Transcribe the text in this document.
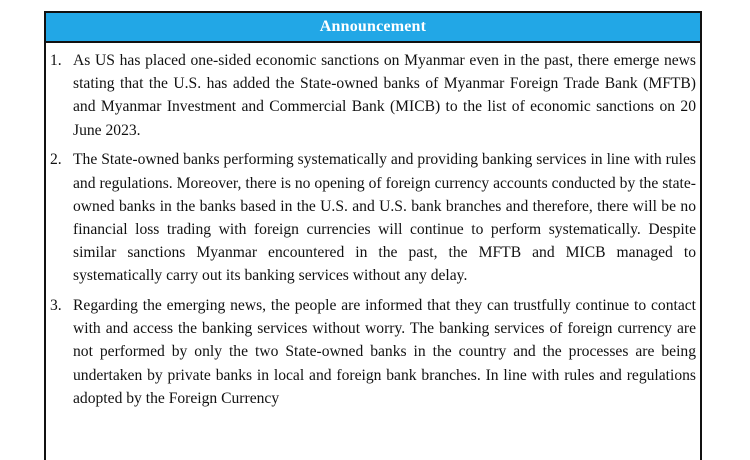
Announcement
1. As US has placed one-sided economic sanctions on Myanmar even in the past, there emerge news stating that the U.S. has added the State-owned banks of Myanmar Foreign Trade Bank (MFTB) and Myanmar Investment and Commercial Bank (MICB) to the list of economic sanctions on 20 June 2023.
2. The State-owned banks performing systematically and providing banking services in line with rules and regulations. Moreover, there is no opening of foreign currency accounts conducted by the state-owned banks in the banks based in the U.S. and U.S. bank branches and therefore, there will be no financial loss trading with foreign currencies will continue to perform systematically. Despite similar sanctions Myanmar encountered in the past, the MFTB and MICB managed to systematically carry out its banking services without any delay.
3. Regarding the emerging news, the people are informed that they can trustfully continue to contact with and access the banking services without worry. The banking services of foreign currency are not performed by only the two State-owned banks in the country and the processes are being undertaken by private banks in local and foreign bank branches. In line with rules and regulations adopted by the Foreign Currency
